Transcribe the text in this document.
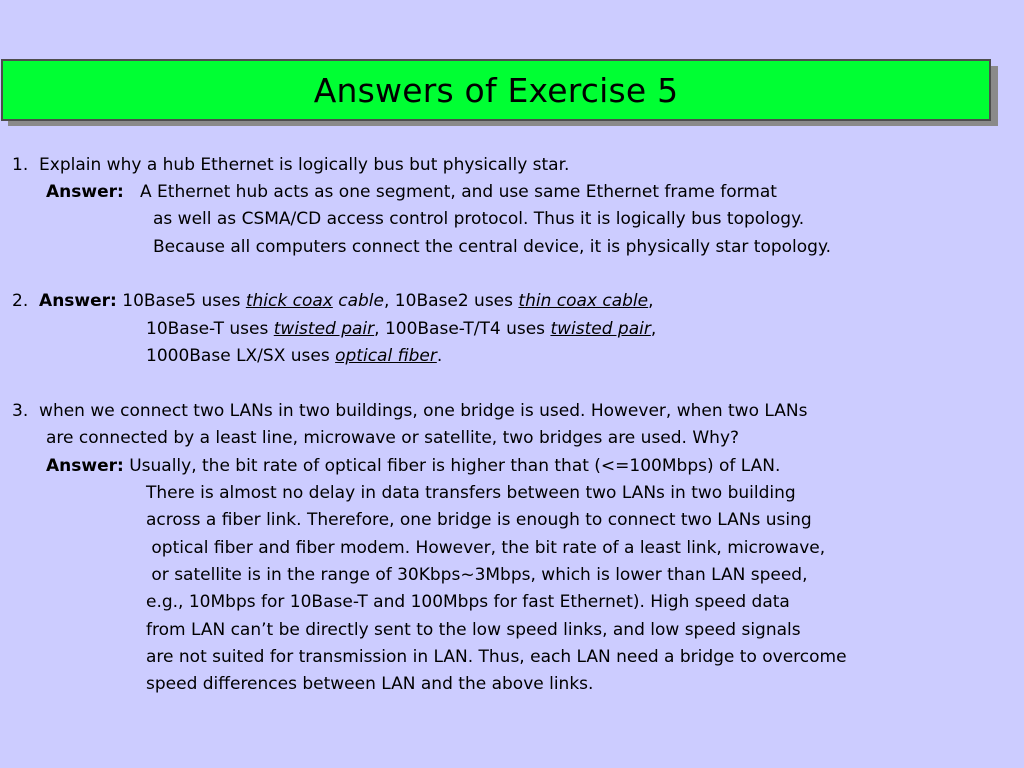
Answers of Exercise 5
1. Explain why a hub Ethernet is logically bus but physically star.
Answer: A Ethernet hub acts as one segment, and use same Ethernet frame format
as well as CSMA/CD access control protocol. Thus it is logically bus topology.
Because all computers connect the central device, it is physically star topology.
2. Answer: 10Base5 uses thick coax cable, 10Base2 uses thin coax cable,
10Base-T uses twisted pair, 100Base-T/T4 uses twisted pair,
1000Base LX/SX uses optical fiber.
3. when we connect two LANs in two buildings, one bridge is used. However, when two LANs
are connected by a least line, microwave or satellite, two bridges are used. Why?
Answer: Usually, the bit rate of optical fiber is higher than that (<=100Mbps) of LAN.
There is almost no delay in data transfers between two LANs in two building
across a fiber link. Therefore, one bridge is enough to connect two LANs using
optical fiber and fiber modem. However, the bit rate of a least link, microwave,
or satellite is in the range of 30Kbps~3Mbps, which is lower than LAN speed,
e.g., 10Mbps for 10Base-T and 100Mbps for fast Ethernet). High speed data
from LAN can’t be directly sent to the low speed links, and low speed signals
are not suited for transmission in LAN. Thus, each LAN need a bridge to overcome
speed differences between LAN and the above links.
